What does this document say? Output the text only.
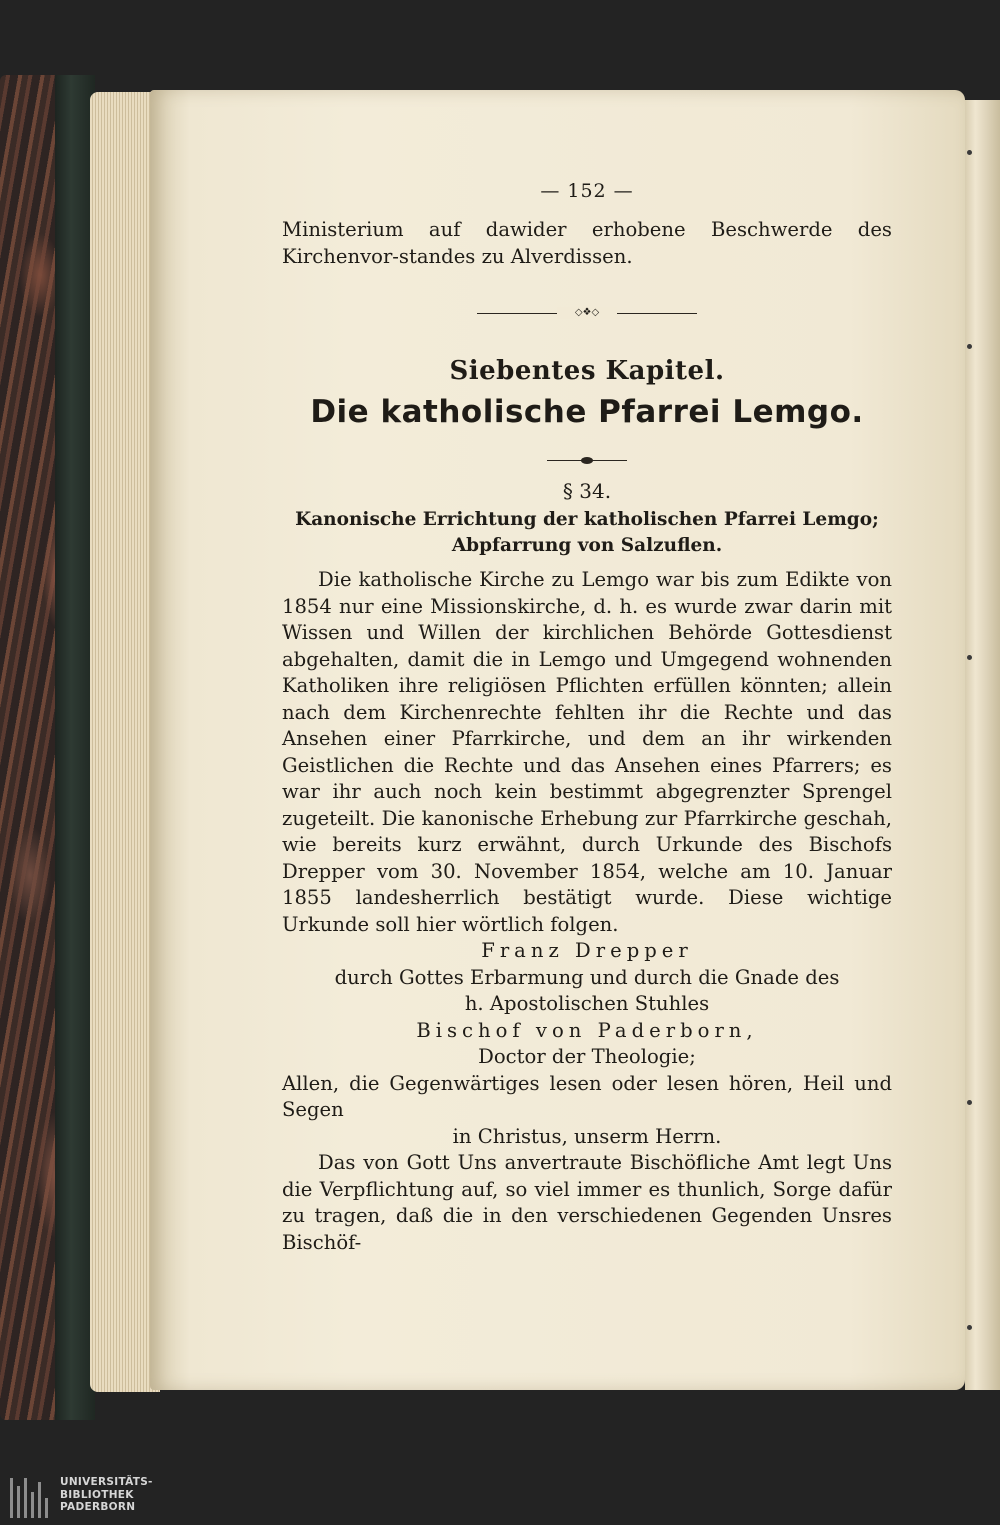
— 152 —

Ministerium auf dawider erhobene Beschwerde des Kirchenvor-standes zu Alverdissen.

◇❖◇

Siebentes Kapitel.

Die katholische Pfarrei Lemgo.

§ 34.

Kanonische Errichtung der katholischen Pfarrei Lemgo;
Abpfarrung von Salzuflen.

Die katholische Kirche zu Lemgo war bis zum Edikte von 1854 nur eine Missionskirche, d. h. es wurde zwar darin mit Wissen und Willen der kirchlichen Behörde Gottesdienst abgehalten, damit die in Lemgo und Umgegend wohnenden Katholiken ihre religiösen Pflichten erfüllen könnten; allein nach dem Kirchenrechte fehlten ihr die Rechte und das Ansehen einer Pfarrkirche, und dem an ihr wirkenden Geistlichen die Rechte und das Ansehen eines Pfarrers; es war ihr auch noch kein bestimmt abgegrenzter Sprengel zugeteilt. Die kanonische Erhebung zur Pfarrkirche geschah, wie bereits kurz erwähnt, durch Urkunde des Bischofs Drepper vom 30. November 1854, welche am 10. Januar 1855 landesherrlich bestätigt wurde. Diese wichtige Urkunde soll hier wörtlich folgen.

Franz Drepper

durch Gottes Erbarmung und durch die Gnade des

h. Apostolischen Stuhles

Bischof von Paderborn,

Doctor der Theologie;

Allen, die Gegenwärtiges lesen oder lesen hören, Heil und Segen

in Christus, unserm Herrn.

Das von Gott Uns anvertraute Bischöfliche Amt legt Uns die Verpflichtung auf, so viel immer es thunlich, Sorge dafür zu tragen, daß die in den verschiedenen Gegenden Unsres Bischöf-

UNIVERSITÄTS-
BIBLIOTHEK
PADERBORN
